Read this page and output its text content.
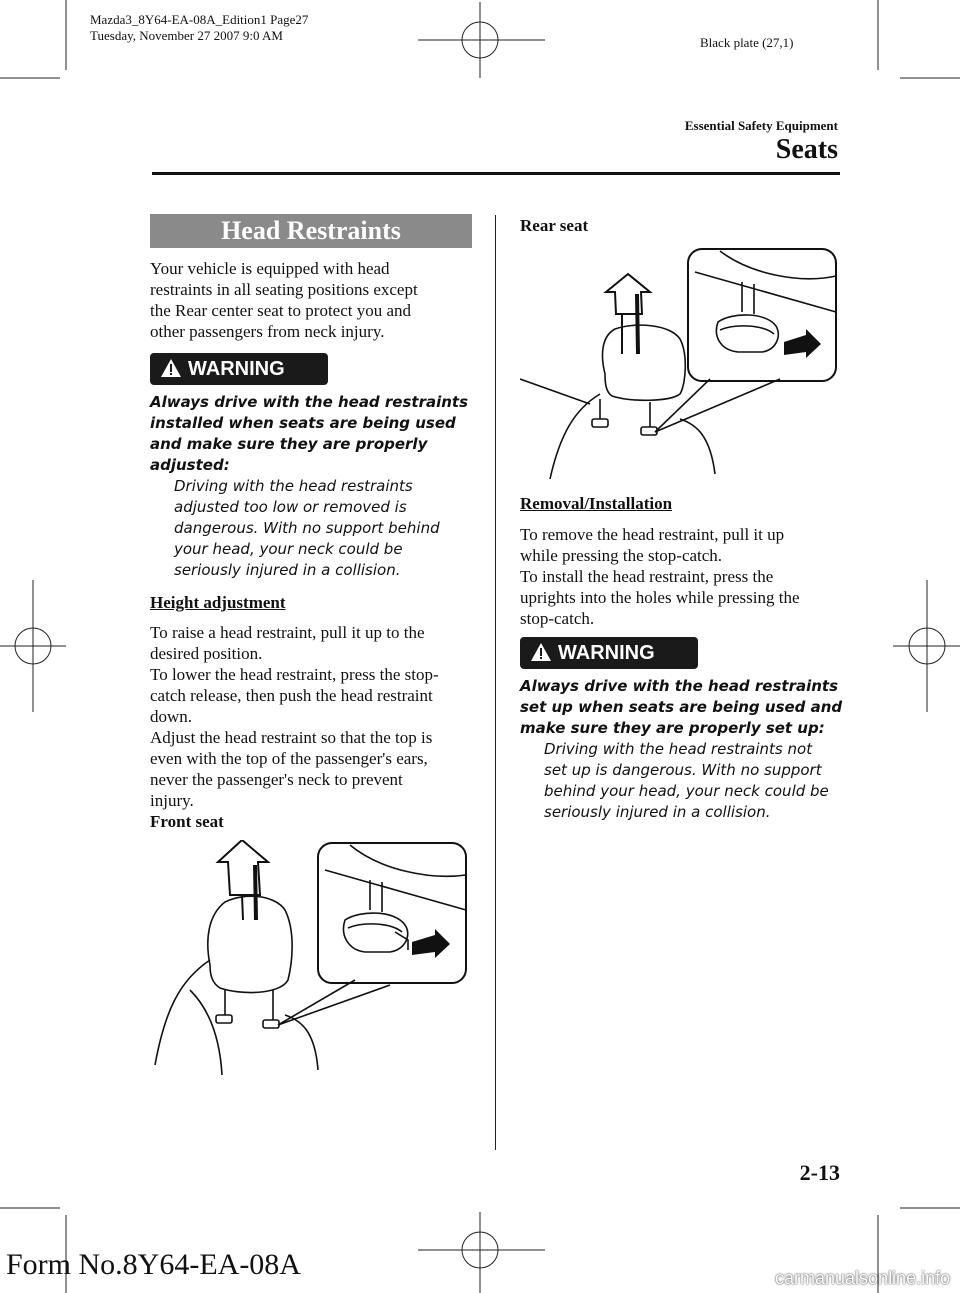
Mazda3_8Y64-EA-08A_Edition1 Page27
Tuesday, November 27 2007 9:0 AM	Black plate (27,1)
Essential Safety Equipment
Seats
Head Restraints
Your vehicle is equipped with head
restraints in all seating positions except
the Rear center seat to protect you and
other passengers from neck injury.
WARNING
Always drive with the head restraints
installed when seats are being used
and make sure they are properly
adjusted:
Driving with the head restraints
adjusted too low or removed is
dangerous. With no support behind
your head, your neck could be
seriously injured in a collision.
Height adjustment
To raise a head restraint, pull it up to the
desired position.
To lower the head restraint, press the stop-
catch release, then push the head restraint
down.
Adjust the head restraint so that the top is
even with the top of the passenger's ears,
never the passenger's neck to prevent
injury.
Front seat
Rear seat
Removal/Installation
To remove the head restraint, pull it up
while pressing the stop-catch.
To install the head restraint, press the
uprights into the holes while pressing the
stop-catch.
WARNING
Always drive with the head restraints
set up when seats are being used and
make sure they are properly set up:
Driving with the head restraints not
set up is dangerous. With no support
behind your head, your neck could be
seriously injured in a collision.
2-13
Form No.8Y64-EA-08A	carmanualsonline.info
